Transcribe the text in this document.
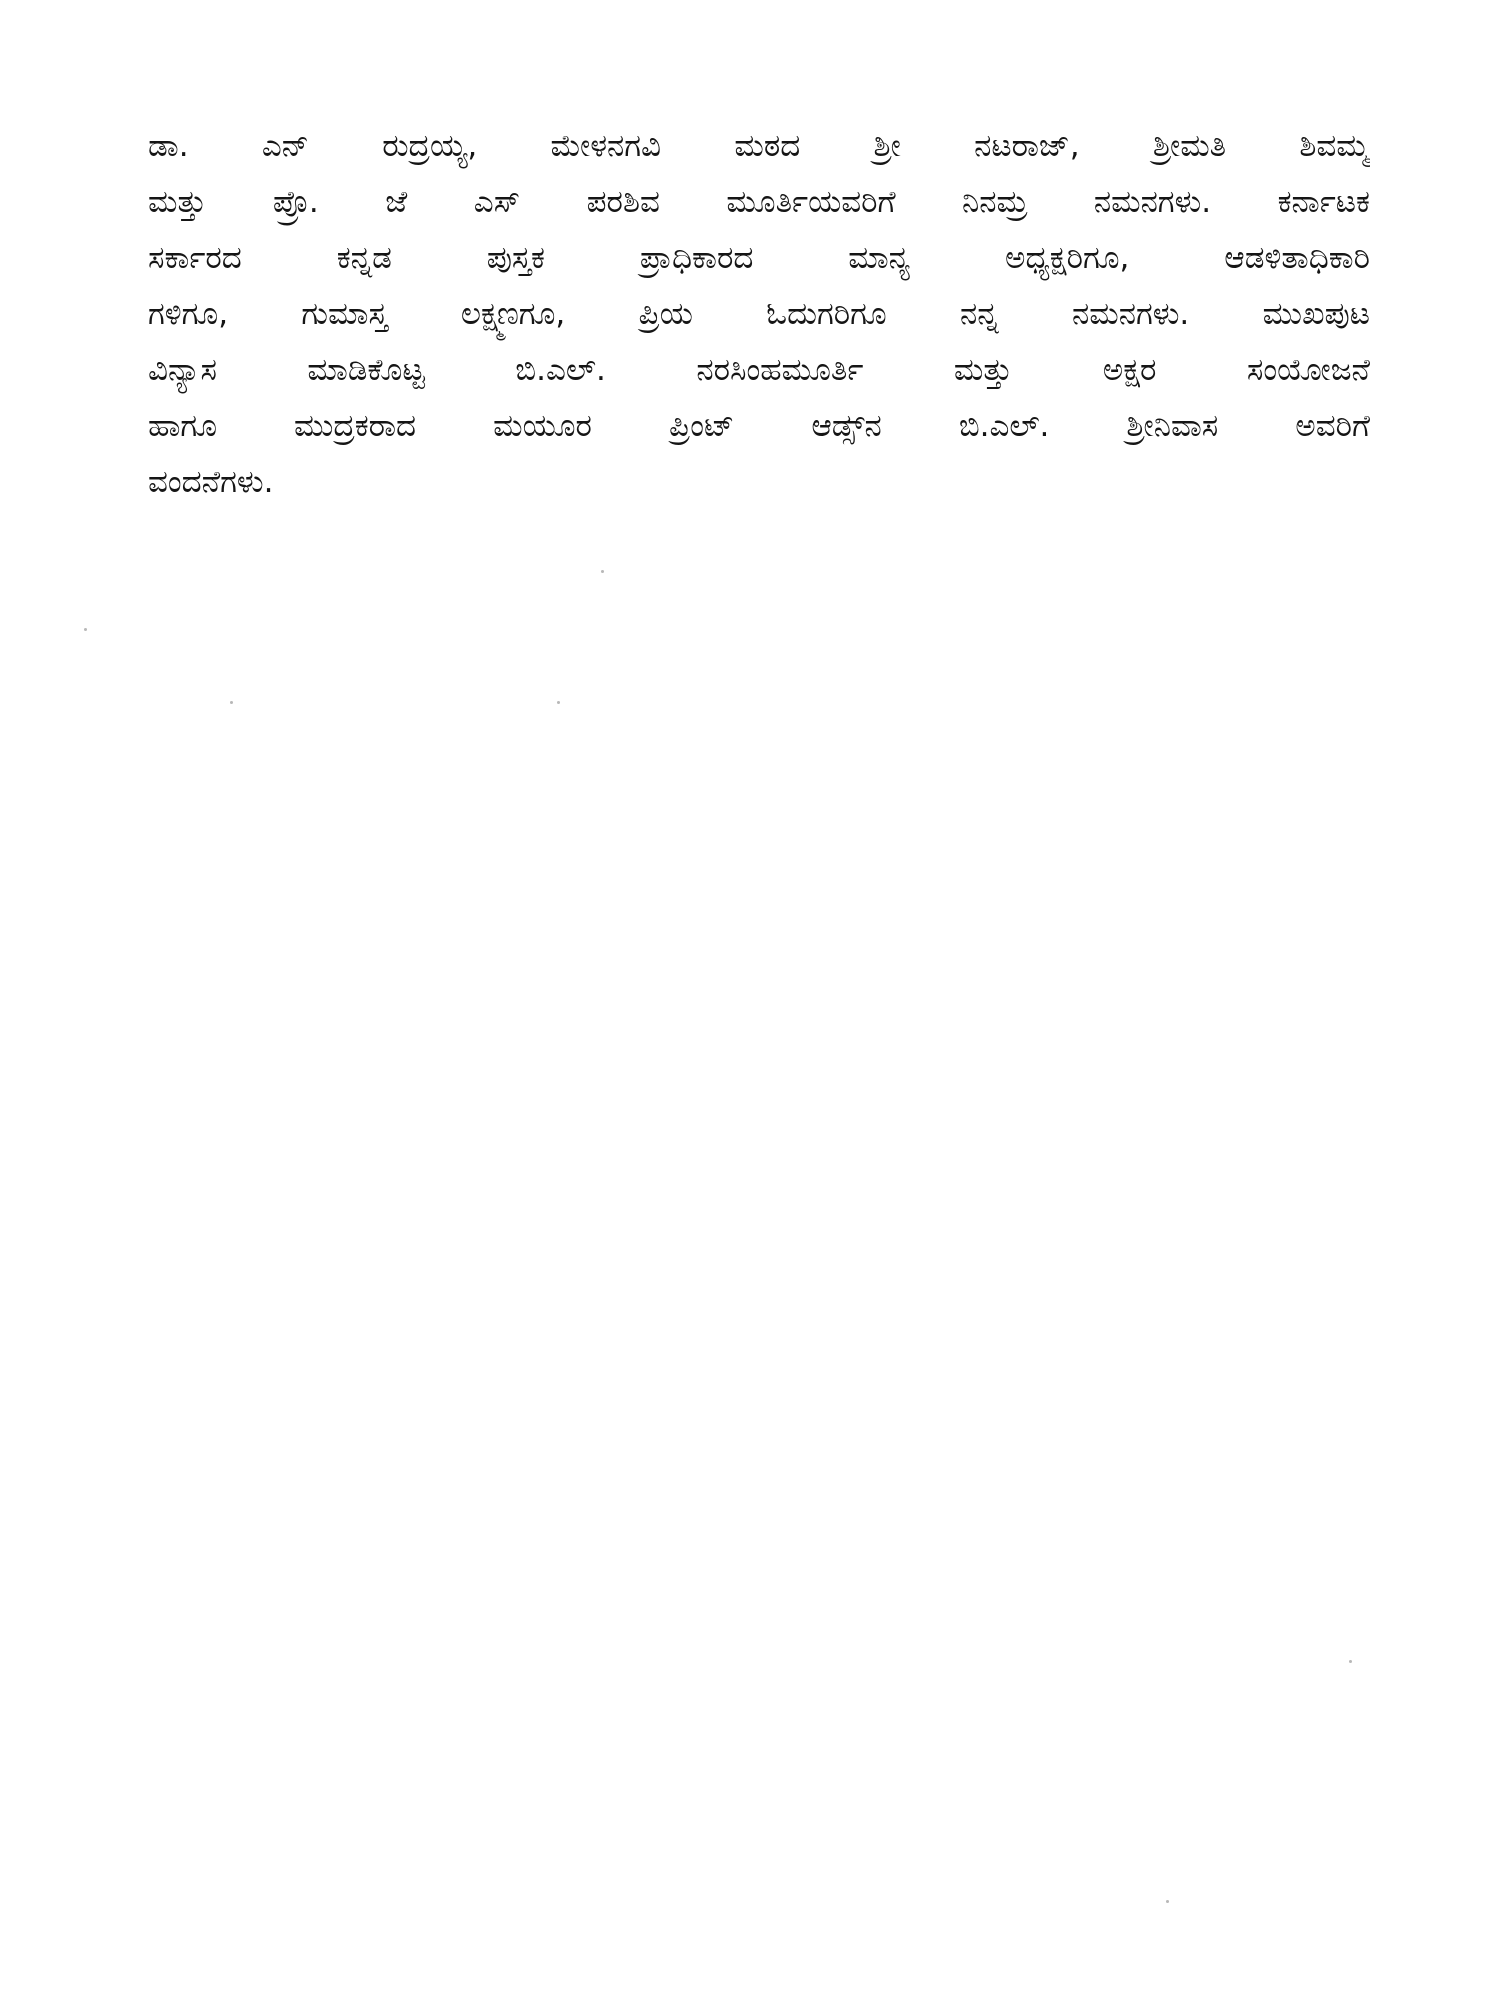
ಡಾ. ಎನ್ ರುದ್ರಯ್ಯ, ಮೇಳನಗವಿ ಮಠದ ಶ್ರೀ ನಟರಾಜ್, ಶ್ರೀಮತಿ ಶಿವಮ್ಮ
ಮತ್ತು ಪ್ರೊ. ಜೆ ಎಸ್ ಪರಶಿವ ಮೂರ್ತಿಯವರಿಗೆ ನಿನಮ್ರ ನಮನಗಳು. ಕರ್ನಾಟಕ
ಸರ್ಕಾರದ ಕನ್ನಡ ಪುಸ್ತಕ ಪ್ರಾಧಿಕಾರದ ಮಾನ್ಯ ಅಧ್ಯಕ್ಷರಿಗೂ, ಆಡಳಿತಾಧಿಕಾರಿ
ಗಳಿಗೂ, ಗುಮಾಸ್ತ ಲಕ್ಷ್ಮಣಗೂ, ಪ್ರಿಯ ಓದುಗರಿಗೂ ನನ್ನ ನಮನಗಳು. ಮುಖಪುಟ
ವಿನ್ಯಾಸ ಮಾಡಿಕೊಟ್ಟ ಬಿ.ಎಲ್. ನರಸಿಂಹಮೂರ್ತಿ ಮತ್ತು ಅಕ್ಷರ ಸಂಯೋಜನೆ
ಹಾಗೂ ಮುದ್ರಕರಾದ ಮಯೂರ ಪ್ರಿಂಟ್ ಆಡ್ಸ್‌ನ ಬಿ.ಎಲ್. ಶ್ರೀನಿವಾಸ ಅವರಿಗೆ
ವಂದನೆಗಳು.
